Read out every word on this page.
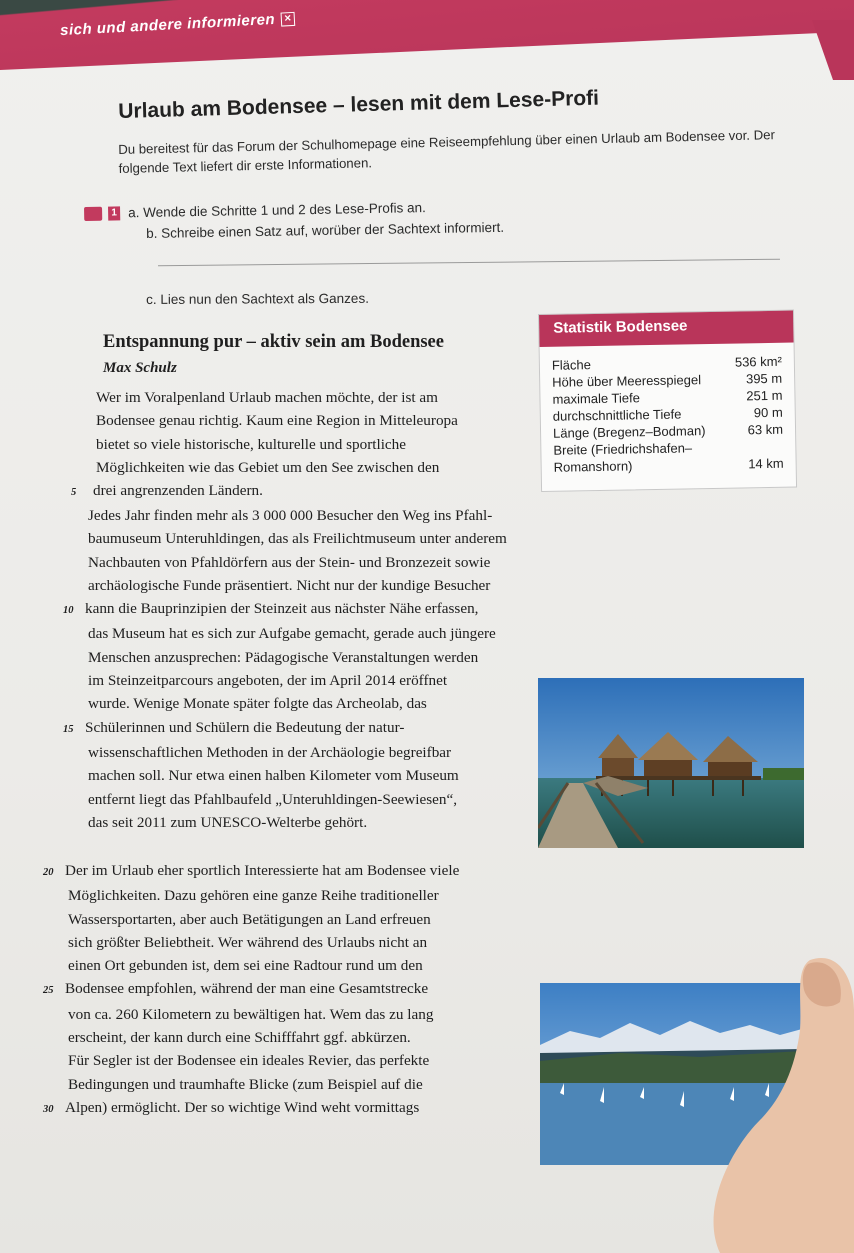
sich und andere informieren ✕
Urlaub am Bodensee – lesen mit dem Lese-Profi
Du bereitest für das Forum der Schulhomepage eine Reiseempfehlung über einen Urlaub am Bodensee vor. Der folgende Text liefert dir erste Informationen.
1 a. Wende die Schritte 1 und 2 des Lese-Profis an.
b. Schreibe einen Satz auf, worüber der Sachtext informiert.
c. Lies nun den Sachtext als Ganzes.
Entspannung pur – aktiv sein am Bodensee
Max Schulz
Statistik Bodensee
Fläche	536 km²
Höhe über Meeresspiegel	395 m
maximale Tiefe	251 m
durchschnittliche Tiefe	90 m
Länge (Bregenz–Bodman)	63 km
Breite (Friedrichshafen–
Romanshorn)	14 km
Wer im Voralpenland Urlaub machen möchte, der ist am
Bodensee genau richtig. Kaum eine Region in Mitteleuropa
bietet so viele historische, kulturelle und sportliche
Möglichkeiten wie das Gebiet um den See zwischen den
5 drei angrenzenden Ländern.
Jedes Jahr finden mehr als 3 000 000 Besucher den Weg ins Pfahl-
baumuseum Unteruhldingen, das als Freilichtmuseum unter anderem
Nachbauten von Pfahldörfern aus der Stein- und Bronzezeit sowie
archäologische Funde präsentiert. Nicht nur der kundige Besucher
10 kann die Bauprinzipien der Steinzeit aus nächster Nähe erfassen,
das Museum hat es sich zur Aufgabe gemacht, gerade auch jüngere
Menschen anzusprechen: Pädagogische Veranstaltungen werden
im Steinzeitparcours angeboten, der im April 2014 eröffnet
wurde. Wenige Monate später folgte das Archeolab, das
15 Schülerinnen und Schülern die Bedeutung der natur-
wissenschaftlichen Methoden in der Archäologie begreifbar
machen soll. Nur etwa einen halben Kilometer vom Museum
entfernt liegt das Pfahlbaufeld „Unteruhldingen-Seewiesen“,
das seit 2011 zum UNESCO-Welterbe gehört.
20 Der im Urlaub eher sportlich Interessierte hat am Bodensee viele
Möglichkeiten. Dazu gehören eine ganze Reihe traditioneller
Wassersportarten, aber auch Betätigungen an Land erfreuen
sich größter Beliebtheit. Wer während des Urlaubs nicht an
einen Ort gebunden ist, dem sei eine Radtour rund um den
25 Bodensee empfohlen, während der man eine Gesamtstrecke
von ca. 260 Kilometern zu bewältigen hat. Wem das zu lang
erscheint, der kann durch eine Schifffahrt ggf. abkürzen.
Für Segler ist der Bodensee ein ideales Revier, das perfekte
Bedingungen und traumhafte Blicke (zum Beispiel auf die
30 Alpen) ermöglicht. Der so wichtige Wind weht vormittags
